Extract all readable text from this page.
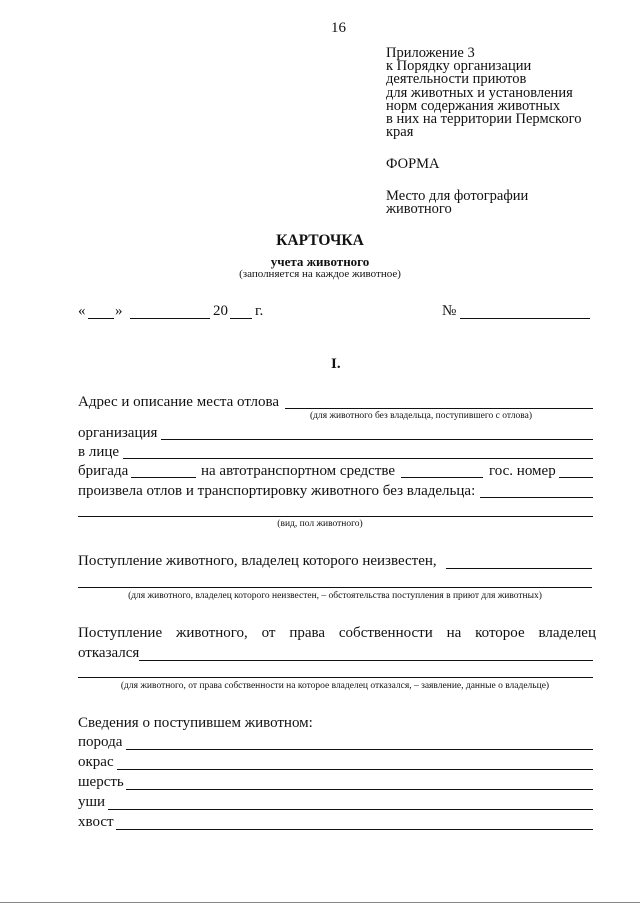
16
Приложение 3
к Порядку организации
деятельности приютов
для животных и установления
норм содержания животных
в них на территории Пермского
края
ФОРМА
Место для фотографии
животного
КАРТОЧКА
учета животного
(заполняется на каждое животное)
« »	20 г.	№
I.
Адрес и описание места отлова
(для животного без владельца, поступившего с отлова)
организация
в лице
бригада	на автотранспортном средстве	гос. номер
произвела отлов и транспортировку животного без владельца:
(вид, пол животного)
Поступление животного, владелец которого неизвестен,
(для животного, владелец которого неизвестен, – обстоятельства поступления в приют для животных)
Поступление животного, от права собственности на которое владелец
отказался
(для животного, от права собственности на которое владелец отказался, – заявление, данные о владельце)
Сведения о поступившем животном:
порода
окрас
шерсть
уши
хвост
